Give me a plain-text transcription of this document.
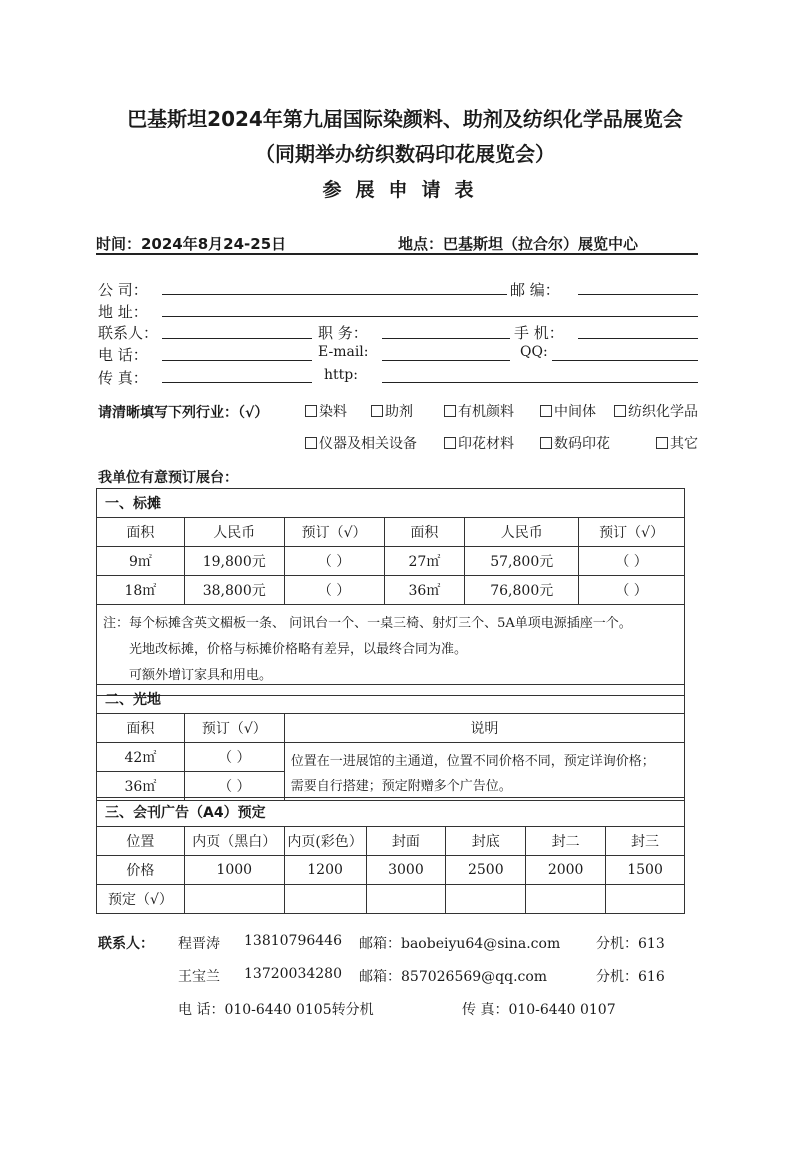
巴基斯坦2024年第九届国际染颜料、助剂及纺织化学品展览会
（同期举办纺织数码印花展览会）
参展申请表
时间：2024年8月24-25日	地点：巴基斯坦（拉合尔）展览中心
公 司：	邮 编：
地 址：
联系人：	职 务：	手 机：
电 话：	E-mail:	QQ:
传 真：	http:
请清晰填写下列行业：（√）	染料	助剂	有机颜料	中间体	纺织化学品
仪器及相关设备	印花材料	数码印花	其它
我单位有意预订展台：
一、标摊					
面积	人民币	预订（√）	面积	人民币	预订（√）
9㎡	19,800元	（ ）	27㎡	57,800元	（ ）
18㎡	38,800元	（ ）	36㎡	76,800元	（ ）

注：每个标摊含英文楣板一条、 问讯台一个、一桌三椅、射灯三个、5A单项电源插座一个。
光地改标摊，价格与标摊价格略有差异，以最终合同为准。
可额外增订家具和用电。					
二、光地		
面积	预订（√）	说明
42㎡	（ ）	位置在一进展馆的主通道，位置不同价格不同，预定详询价格；
需要自行搭建；预定附赠多个广告位。

36㎡	（ ）	
三、会刊广告（A4）预定						
位置	内页（黑白）	内页(彩色）	封面	封底	封二	封三
价格	1000	1200	3000	2500	2000	1500
预定（√）						
联系人： 程晋涛 13810796446 邮箱：baobeiyu64@sina.com	分机：613
王宝兰 13720034280 邮箱：857026569@qq.com	分机：616
电 话：010-6440 0105转分机	传 真：010-6440 0107
